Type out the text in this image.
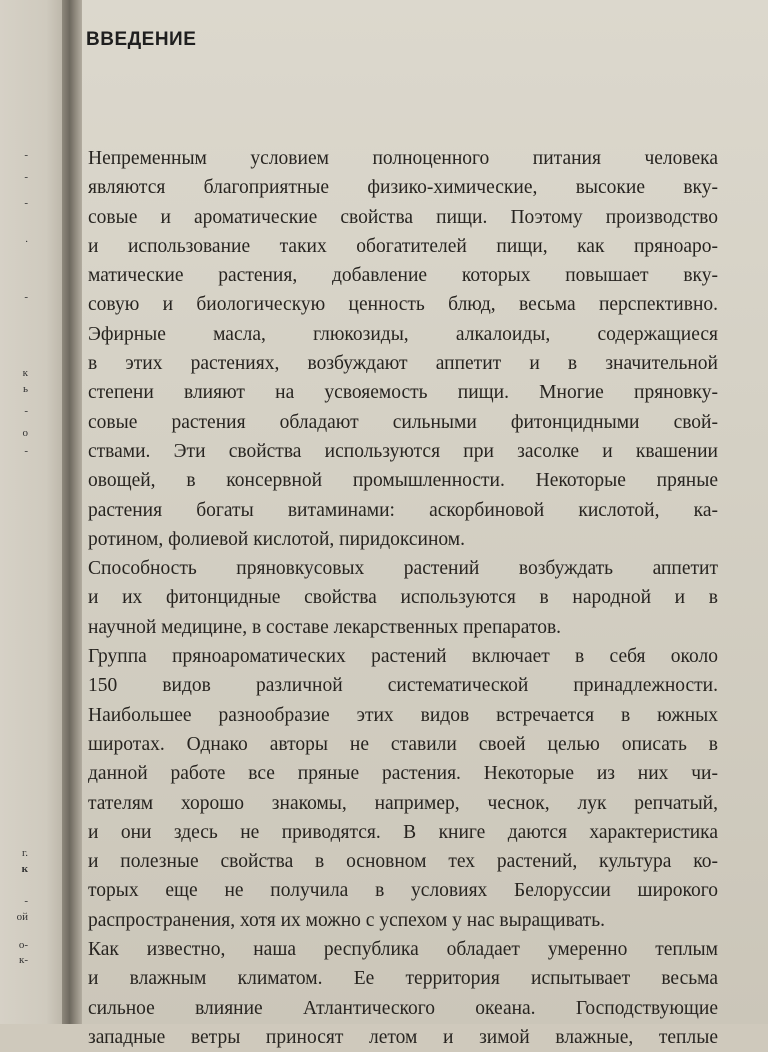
-
-
-
.
-
к
ь
-
о
-
г.
к
-
ой
о-
к-
ВВЕДЕНИЕ
Непременным условием полноценного питания человека
являются благоприятные физико-химические, высокие вку-
совые и ароматические свойства пищи. Поэтому производство
и использование таких обогатителей пищи, как пряноаро-
матические растения, добавление которых повышает вку-
совую и биологическую ценность блюд, весьма перспективно.
Эфирные масла, глюкозиды, алкалоиды, содержащиеся
в этих растениях, возбуждают аппетит и в значительной
степени влияют на усвояемость пищи. Многие пряновку-
совые растения обладают сильными фитонцидными свой-
ствами. Эти свойства используются при засолке и квашении
овощей, в консервной промышленности. Некоторые пряные
растения богаты витаминами: аскорбиновой кислотой, ка-
ротином, фолиевой кислотой, пиридоксином.
Способность пряновкусовых растений возбуждать аппетит
и их фитонцидные свойства используются в народной и в
научной медицине, в составе лекарственных препаратов.
Группа пряноароматических растений включает в себя около
150 видов различной систематической принадлежности.
Наибольшее разнообразие этих видов встречается в южных
широтах. Однако авторы не ставили своей целью описать в
данной работе все пряные растения. Некоторые из них чи-
тателям хорошо знакомы, например, чеснок, лук репчатый,
и они здесь не приводятся. В книге даются характеристика
и полезные свойства в основном тех растений, культура ко-
торых еще не получила в условиях Белоруссии широкого
распространения, хотя их можно с успехом у нас выращивать.
Как известно, наша республика обладает умеренно теплым
и влажным климатом. Ее территория испытывает весьма
сильное влияние Атлантического океана. Господствующие
западные ветры приносят летом и зимой влажные, теплые
